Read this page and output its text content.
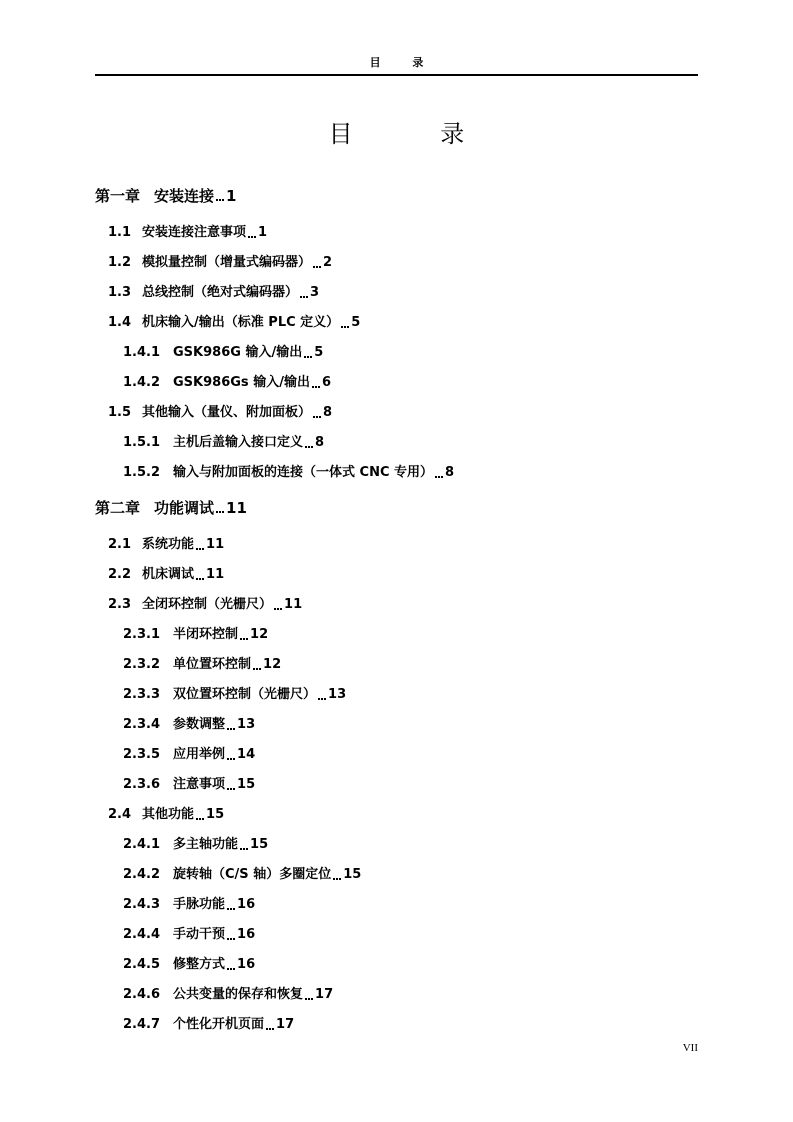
目 录
目 录
第一章 安装连接 1
1.1 安装连接注意事项 1
1.2 模拟量控制（增量式编码器） 2
1.3 总线控制（绝对式编码器） 3
1.4 机床输入/输出（标准 PLC 定义） 5
1.4.1 GSK986G 输入/输出 5
1.4.2 GSK986Gs 输入/输出 6
1.5 其他输入（量仪、附加面板） 8
1.5.1 主机后盖输入接口定义 8
1.5.2 输入与附加面板的连接（一体式 CNC 专用） 8
第二章 功能调试 11
2.1 系统功能 11
2.2 机床调试 11
2.3 全闭环控制（光栅尺） 11
2.3.1 半闭环控制 12
2.3.2 单位置环控制 12
2.3.3 双位置环控制（光栅尺） 13
2.3.4 参数调整 13
2.3.5 应用举例 14
2.3.6 注意事项 15
2.4 其他功能 15
2.4.1 多主轴功能 15
2.4.2 旋转轴（C/S 轴）多圈定位 15
2.4.3 手脉功能 16
2.4.4 手动干预 16
2.4.5 修整方式 16
2.4.6 公共变量的保存和恢复 17
2.4.7 个性化开机页面 17
VII
